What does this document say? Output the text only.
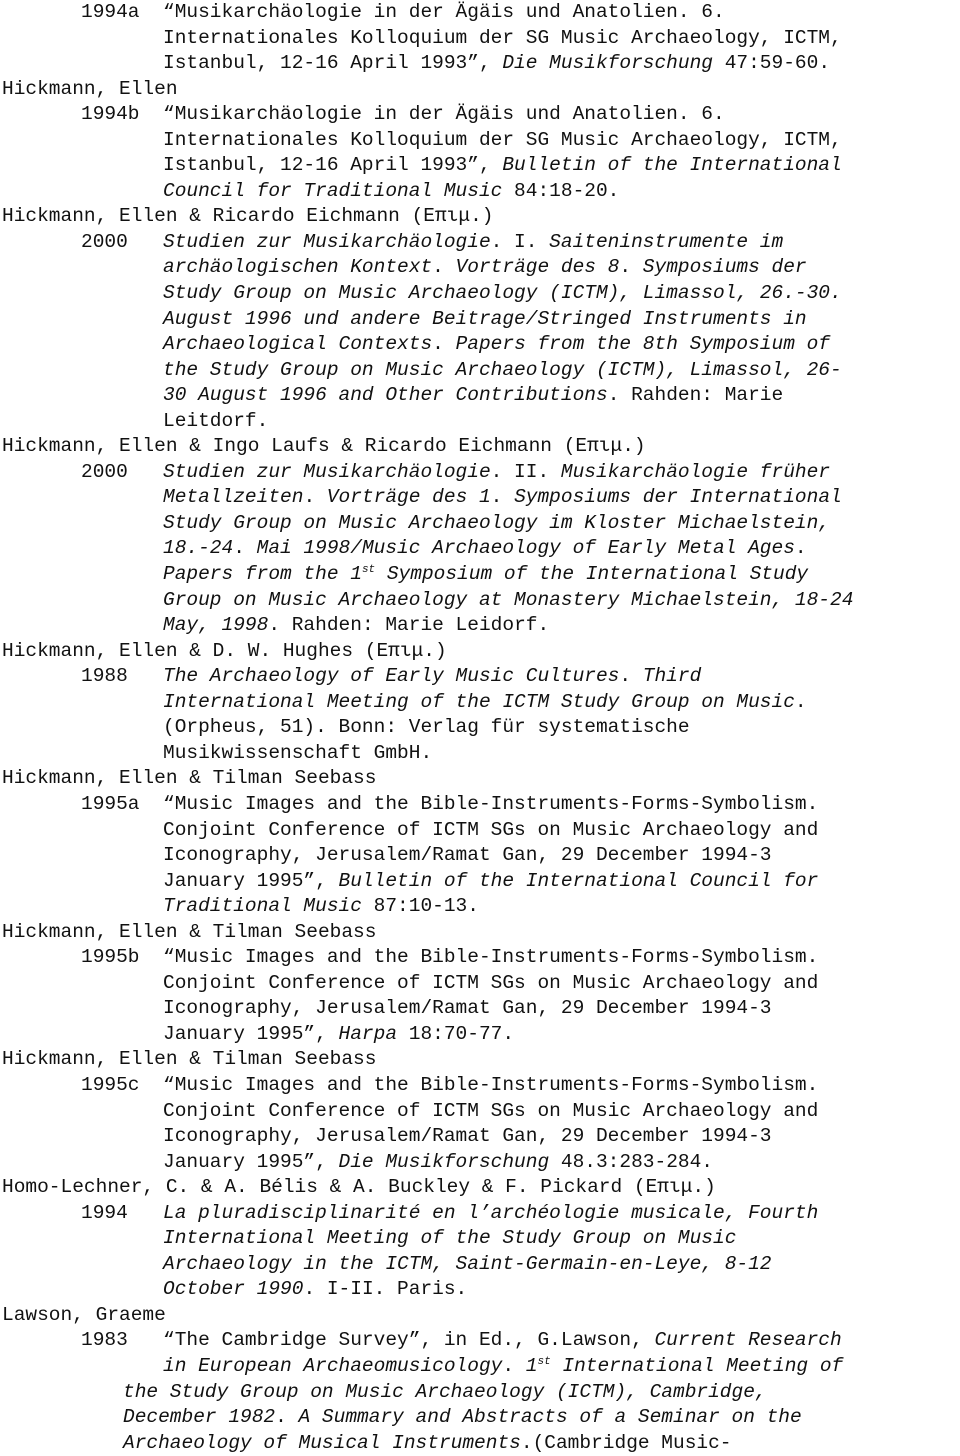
1994a “Musikarchäologie in der Ägäis und Anatolien. 6.
Internationales Kolloquium der SG Music Archaeology, ICTM,
Istanbul, 12-16 April 1993”, Die Musikforschung 47:59-60.
Hickmann, Ellen
1994b “Musikarchäologie in der Ägäis und Anatolien. 6.
Internationales Kolloquium der SG Music Archaeology, ICTM,
Istanbul, 12-16 April 1993”, Bulletin of the International
Council for Traditional Music 84:18-20.
Hickmann, Ellen & Ricardo Eichmann (Επιμ.)
2000 Studien zur Musikarchäologie. I. Saiteninstrumente im
archäologischen Kontext. Vorträge des 8. Symposiums der
Study Group on Music Archaeology (ICTM), Limassol, 26.-30.
August 1996 und andere Beitrage/Stringed Instruments in
Archaeological Contexts. Papers from the 8th Symposium of
the Study Group on Music Archaeology (ICTM), Limassol, 26-
30 August 1996 and Other Contributions. Rahden: Marie
Leitdorf.
Hickmann, Ellen & Ingo Laufs & Ricardo Eichmann (Επιμ.)
2000 Studien zur Musikarchäologie. II. Musikarchäologie früher
Metallzeiten. Vorträge des 1. Symposiums der International
Study Group on Music Archaeology im Kloster Michaelstein,
18.-24. Mai 1998/Music Archaeology of Early Metal Ages.
Papers from the 1st Symposium of the International Study
Group on Music Archaeology at Monastery Michaelstein, 18-24
May, 1998. Rahden: Marie Leidorf.
Hickmann, Ellen & D. W. Hughes (Επιμ.)
1988 The Archaeology of Early Music Cultures. Third
International Meeting of the ICTM Study Group on Music.
(Orpheus, 51). Bonn: Verlag für systematische
Musikwissenschaft GmbH.
Hickmann, Ellen & Tilman Seebass
1995a “Music Images and the Bible-Instruments-Forms-Symbolism.
Conjoint Conference of ICTM SGs on Music Archaeology and
Iconography, Jerusalem/Ramat Gan, 29 December 1994-3
January 1995”, Bulletin of the International Council for
Traditional Music 87:10-13.
Hickmann, Ellen & Tilman Seebass
1995b “Music Images and the Bible-Instruments-Forms-Symbolism.
Conjoint Conference of ICTM SGs on Music Archaeology and
Iconography, Jerusalem/Ramat Gan, 29 December 1994-3
January 1995”, Harpa 18:70-77.
Hickmann, Ellen & Tilman Seebass
1995c “Music Images and the Bible-Instruments-Forms-Symbolism.
Conjoint Conference of ICTM SGs on Music Archaeology and
Iconography, Jerusalem/Ramat Gan, 29 December 1994-3
January 1995”, Die Musikforschung 48.3:283-284.
Homo-Lechner, C. & A. Bélis & A. Buckley & F. Pickard (Επιμ.)
1994 La pluradisciplinarité en l’archéologie musicale, Fourth
International Meeting of the Study Group on Music
Archaeology in the ICTM, Saint-Germain-en-Leye, 8-12
October 1990. I-II. Paris.
Lawson, Graeme
1983 “The Cambridge Survey”, in Ed., G.Lawson, Current Research
in European Archaeomusicology. 1st International Meeting of
the Study Group on Music Archaeology (ICTM), Cambridge,
December 1982. A Summary and Abstracts of a Seminar on the
Archaeology of Musical Instruments.(Cambridge Music-
